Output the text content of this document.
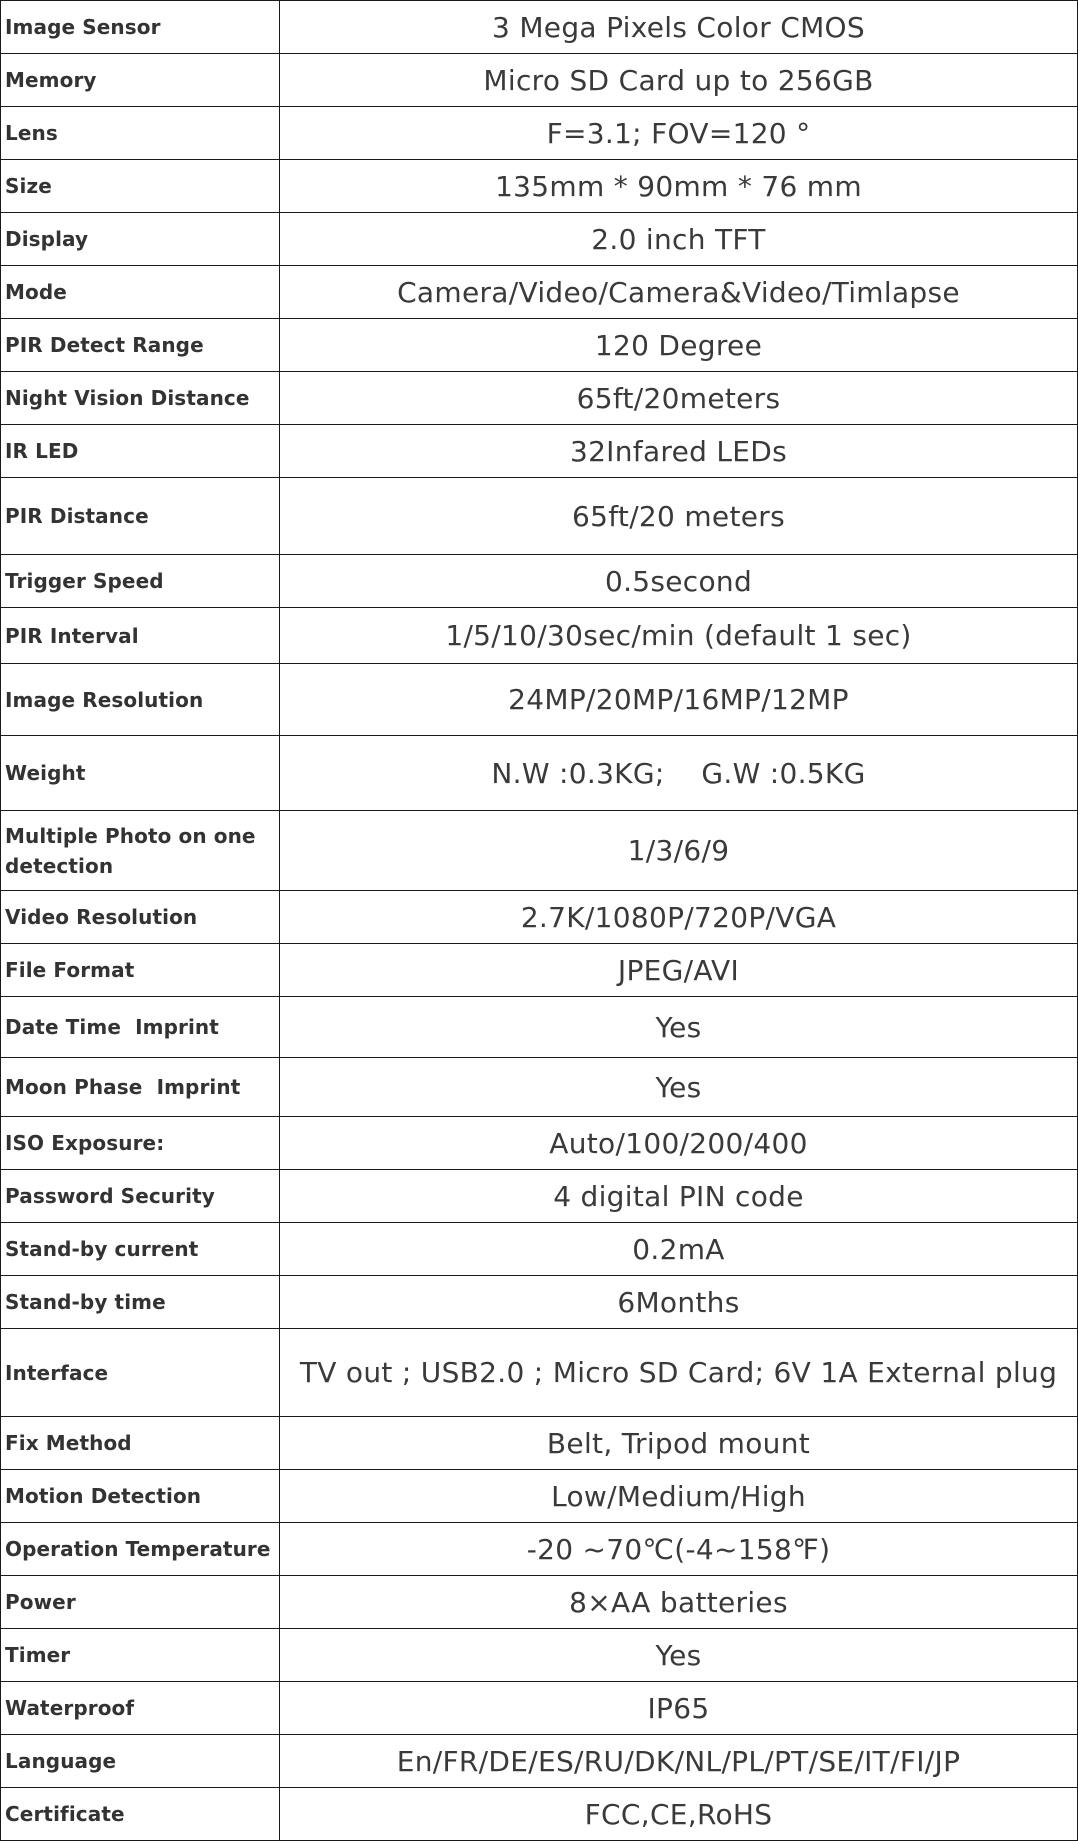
Image Sensor	3 Mega Pixels Color CMOS
Memory	Micro SD Card up to 256GB
Lens	F=3.1; FOV=120 °
Size	135mm * 90mm * 76 mm
Display	2.0 inch TFT
Mode	Camera/Video/Camera&Video/Timlapse
PIR Detect Range	120 Degree
Night Vision Distance	65ft/20meters
IR LED	32Infared LEDs
PIR Distance	65ft/20 meters
Trigger Speed	0.5second
PIR Interval	1/5/10/30sec/min (default 1 sec)
Image Resolution	24MP/20MP/16MP/12MP
Weight	N.W :0.3KG;    G.W :0.5KG
Multiple Photo on one detection	1/3/6/9
Video Resolution	2.7K/1080P/720P/VGA
File Format	JPEG/AVI
Date Time  Imprint	Yes
Moon Phase  Imprint	Yes
ISO Exposure:	Auto/100/200/400
Password Security	4 digital PIN code
Stand-by current	0.2mA
Stand-by time	6Months
Interface	TV out ; USB2.0 ; Micro SD Card; 6V 1A External plug
Fix Method	Belt, Tripod mount
Motion Detection	Low/Medium/High
Operation Temperature	-20 ~70℃(-4~158℉)
Power	8×AA batteries
Timer	Yes
Waterproof	IP65
Language	En/FR/DE/ES/RU/DK/NL/PL/PT/SE/IT/FI/JP
Certificate	FCC,CE,RoHS
